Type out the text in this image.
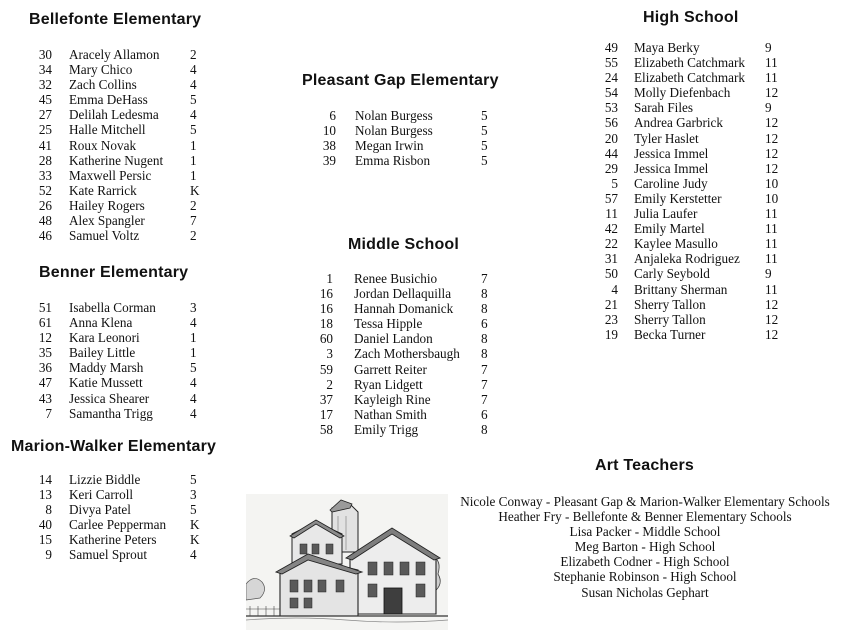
Bellefonte Elementary
Benner Elementary
Marion-Walker Elementary
Pleasant Gap Elementary
Middle School
High School
Art Teachers
30 Aracely Allamon 2
34 Mary Chico	4
32 Zach Collins	4
45 Emma DeHass	5
27 Delilah Ledesma 4
25 Halle Mitchell	5
41 Roux Novak	1
28 Katherine Nugent 1
33 Maxwell Persic	1
52 Kate Rarrick	K
26 Hailey Rogers	2
48 Alex Spangler	7
46 Samuel Voltz	2
51 Isabella Corman	3
61 Anna Klena	4
12 Kara Leonori	1
35 Bailey Little	1
36 Maddy Marsh	5
47 Katie Mussett	4
43 Jessica Shearer	4
7 Samantha Trigg	4
14 Lizzie Biddle	5
13 Keri Carroll	3
8 Divya Patel	5
40 Carlee Pepperman K
15 Katherine Peters	K
9 Samuel Sprout	4
6 Nolan Burgess	5
10 Nolan Burgess	5
38 Megan Irwin	5
39 Emma Risbon	5
1 Renee Busichio	7
16 Jordan Dellaquilla 8
16 Hannah Domanick 8
18 Tessa Hipple	6
60 Daniel Landon	8
3 Zach Mothersbaugh 8
59 Garrett Reiter	7
2 Ryan Lidgett	7
37 Kayleigh Rine	7
17 Nathan Smith	6
58 Emily Trigg	8
49 Maya Berky	9
55 Elizabeth Catchmark 11
24 Elizabeth Catchmark 11
54 Molly Diefenbach	12
53 Sarah Files	9
56 Andrea Garbrick	12
20 Tyler Haslet	12
44 Jessica Immel	12
29 Jessica Immel	12
5 Caroline Judy	10
57 Emily Kerstetter	10
11 Julia Laufer	11
42 Emily Martel	11
22 Kaylee Masullo	11
31 Anjaleka Rodriguez 11
50 Carly Seybold	9
4 Brittany Sherman	11
21 Sherry Tallon	12
23 Sherry Tallon	12
19 Becka Turner	12
Nicole Conway - Pleasant Gap & Marion-Walker Elementary Schools
Heather Fry - Bellefonte & Benner Elementary Schools
Lisa Packer - Middle School
Meg Barton - High School
Elizabeth Codner - High School
Stephanie Robinson - High School
Susan Nicholas Gephart
